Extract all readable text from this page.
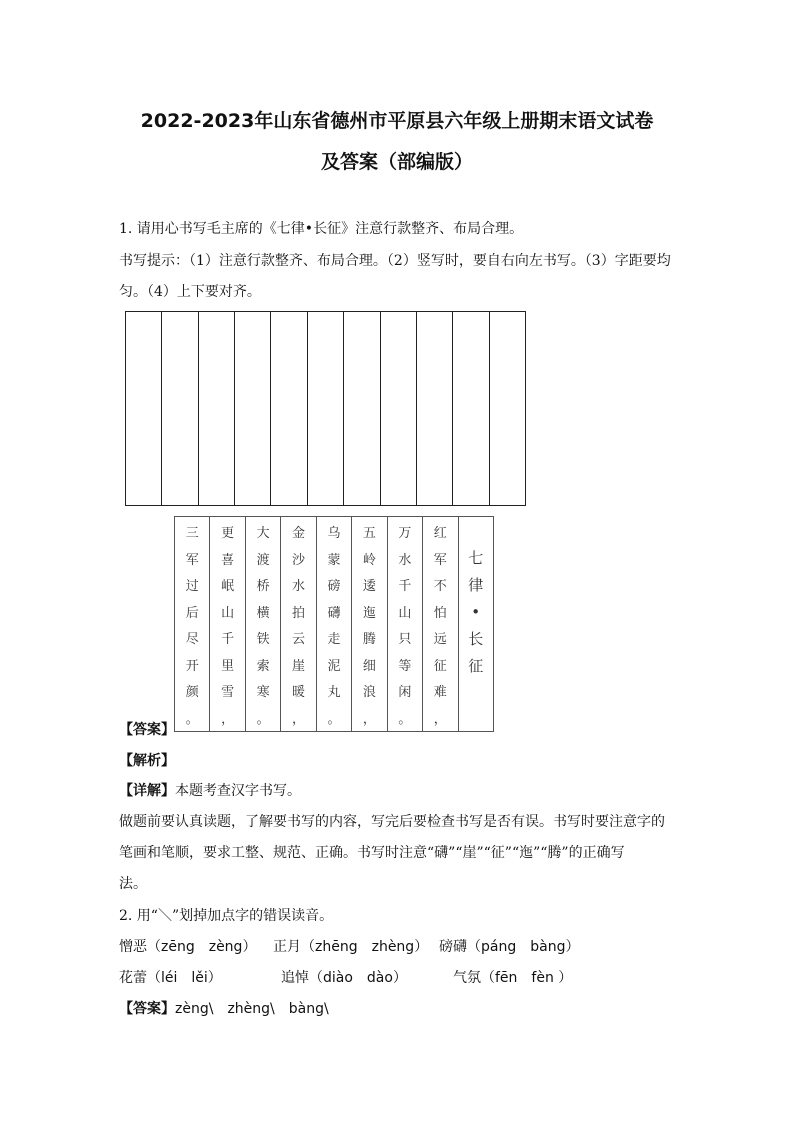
2022-2023年山东省德州市平原县六年级上册期末语文试卷
及答案（部编版）
1. 请用心书写毛主席的《七律•长征》注意行款整齐、布局合理。
书写提示：（1）注意行款整齐、布局合理。（2）竖写时，要自右向左书写。（3）字距要均
匀。（4）上下要对齐。
【答案】
三
军
过
后
尽
开
颜
。
更
喜
岷
山
千
里
雪
，
大
渡
桥
横
铁
索
寒
。
金
沙
水
拍
云
崖
暖
，
乌
蒙
磅
礴
走
泥
丸
。
五
岭
逶
迤
腾
细
浪
，
万
水
千
山
只
等
闲
。
红
军
不
怕
远
征
难
，
七
律
•
长
征
【解析】
【详解】本题考查汉字书写。
做题前要认真读题，了解要书写的内容，写完后要检查书写是否有误。书写时要注意字的
笔画和笔顺，要求工整、规范、正确。书写时注意“礴”“崖”“征”“迤”“腾”的正确写
法。
2. 用“＼”划掉加点字的错误读音。
憎恶（zēng　zèng） 正月（zhēng　zhèng） 磅礴（páng　bàng）
花蕾（léi　lěi）	追悼（diào　dào）	气氛（fēn　fèn ）
【答案】zèng\　zhèng\　bàng\
